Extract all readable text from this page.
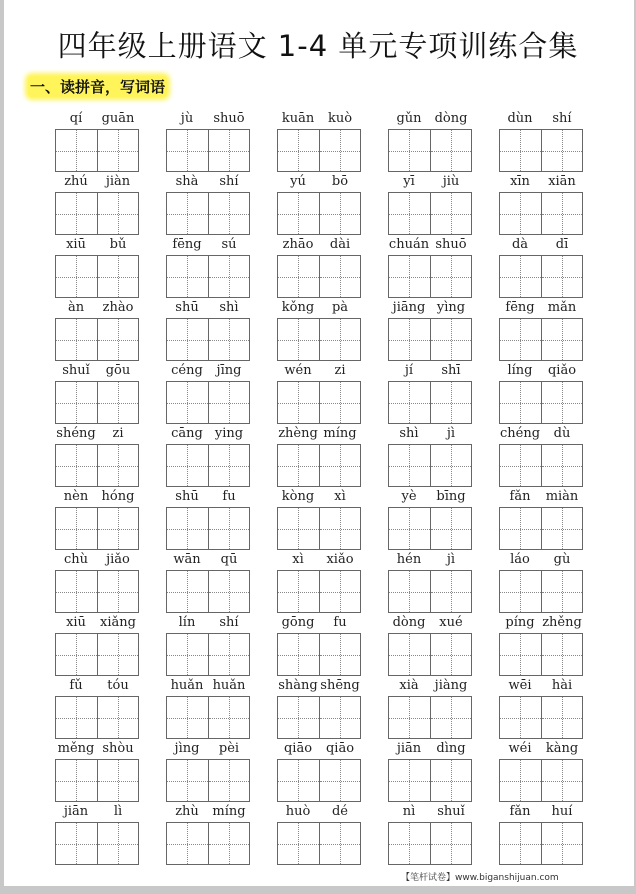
四年级上册语文 1-4 单元专项训练合集
一、读拼音，写词语
qí	guān	jù	shuō	kuān	kuò	gǔn	dòng	dùn	shí
zhú	jiàn	shà	shí	yú	bō	yī	jiù	xīn	xiān
xiū	bǔ	fēng	sú	zhāo	dài	chuán shuō	dà	dī
àn	zhào	shū	shì	kǒng	pà	jiāng yìng	fēng	mǎn
shuǐ	gōu	céng	jīng	wén	zi	jí	shī	líng	qiǎo
shéng	zi	cāng ying	zhèng míng	shì	jì	chéng	dù
nèn	hóng	shū	fu	kòng	xì	yè	bīng	fǎn	miàn
chù	jiǎo	wān	qū	xì	xiǎo	hén	jì	láo	gù
xiū	xiǎng	lín	shí	gōng	fu	dòng	xué	píng zhěng
fǔ	tóu	huǎn huǎn	shàng shēng	xià	jiàng	wēi	hài
měng shòu	jìng	pèi	qiāo	qiāo	jiān	dìng	wéi	kàng
jiān	lì	zhù	míng	huò	dé	nì	shuǐ	fǎn	huí
【笔杆试卷】www.biganshijuan.com
